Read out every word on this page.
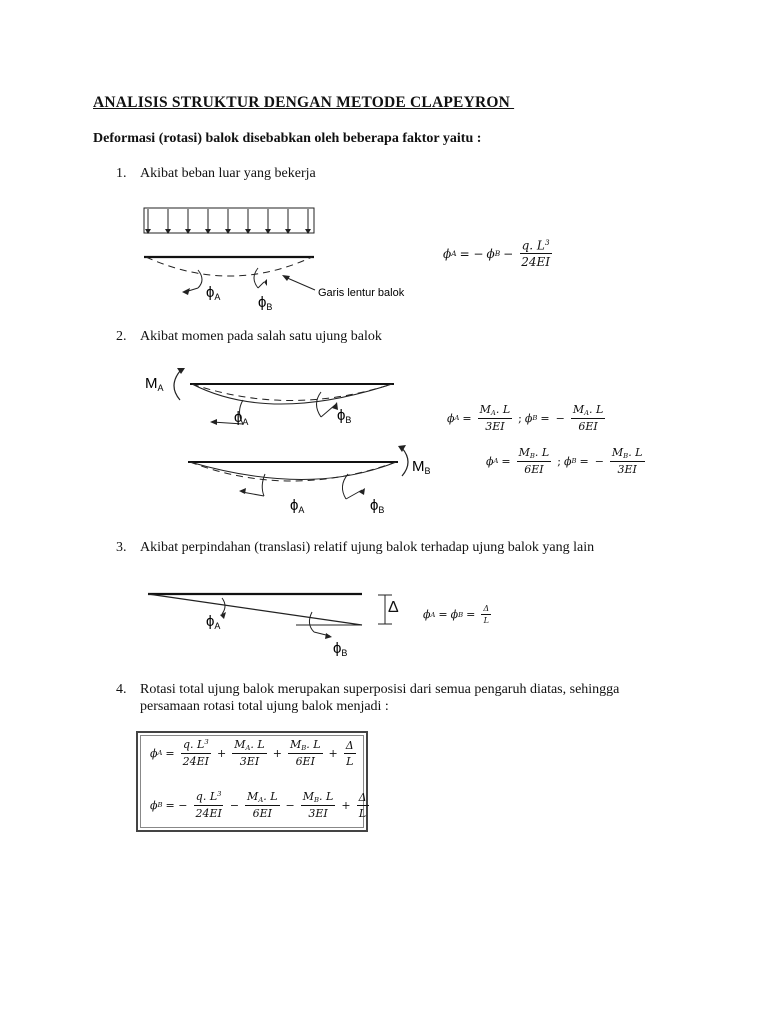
ANALISIS STRUKTUR DENGAN METODE CLAPEYRON
Deformasi (rotasi) balok disebabkan oleh beberapa faktor yaitu :
1. Akibat beban luar yang bekerja
2. Akibat momen pada salah satu ujung balok
3. Akibat perpindahan (translasi) relatif ujung balok terhadap ujung balok yang lain
4. Rotasi total ujung balok merupakan superposisi dari semua pengaruh diatas, sehingga
persamaan rotasi total ujung balok menjadi :
$\phi_A$	$\phi_B$
Garis lentur balok
$M_A$
$\phi_A$	$\phi_B$
$M_B$
$\phi_A$	$\phi_B$
$\phi_A$
$\phi_B$
Δ
ϕ A = − ϕ $B - \frac{q. L^3}{24EI}$
ϕ $A = \frac{M_A. L}{3EI}$ ; ϕ B = − $\frac{M_A. L}{6EI}$
ϕ $A = \frac{M_B. L}{6EI}$ ; ϕ B = − $\frac{M_B. L}{3EI}$
ϕ A = ϕ $B = \frac{\Delta}{L}$
ϕ $A = \frac{q. L^3}{24EI} + \frac{M_A. L}{3EI} + \frac{M_B. L}{6EI} + \frac{\Delta}{L}$
ϕ B = − $\frac{q. L^3}{24EI} - \frac{M_A. L}{6EI} - \frac{M_B. L}{3EI} + \frac{\Delta}{L}$
